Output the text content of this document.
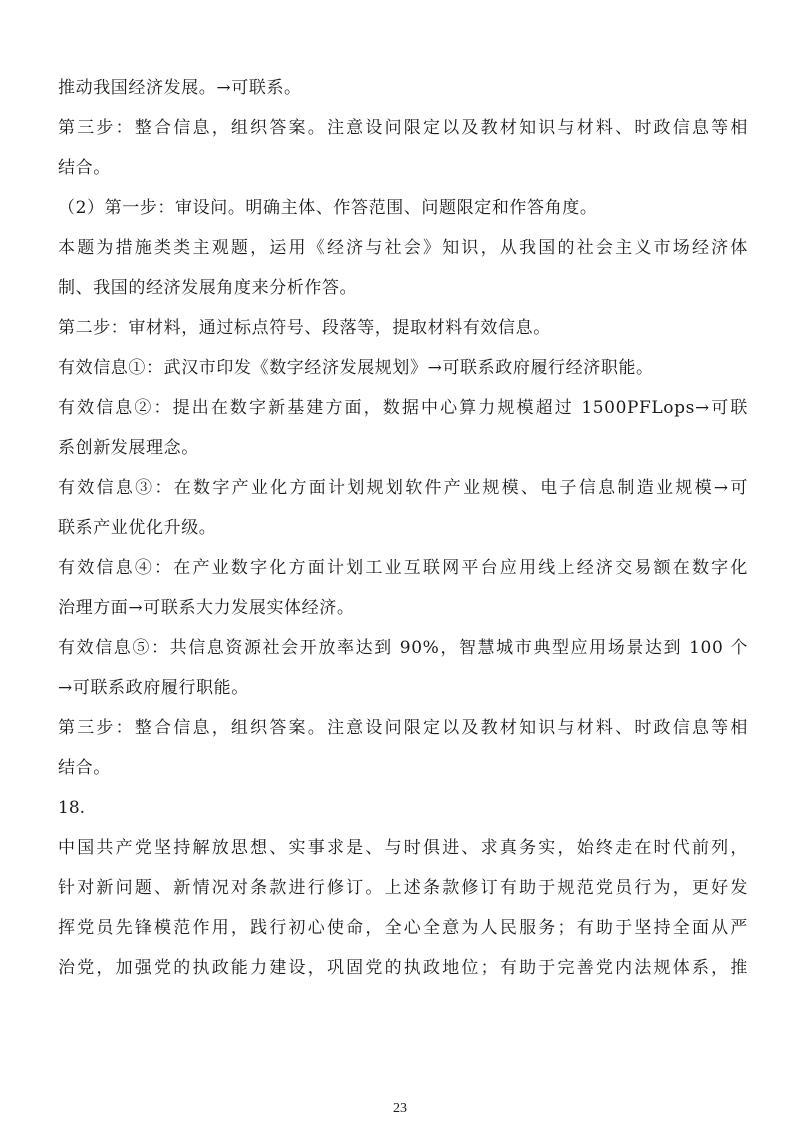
推动我国经济发展。→可联系。
第三步：整合信息，组织答案。注意设问限定以及教材知识与材料、时政信息等相
结合。
（2）第一步：审设问。明确主体、作答范围、问题限定和作答角度。
本题为措施类类主观题，运用《经济与社会》知识，从我国的社会主义市场经济体
制、我国的经济发展角度来分析作答。
第二步：审材料，通过标点符号、段落等，提取材料有效信息。
有效信息①：武汉市印发《数字经济发展规划》→可联系政府履行经济职能。
有效信息②：提出在数字新基建方面，数据中心算力规模超过 1500PFLops→可联
系创新发展理念。
有效信息③：在数字产业化方面计划规划软件产业规模、电子信息制造业规模→可
联系产业优化升级。
有效信息④：在产业数字化方面计划工业互联网平台应用线上经济交易额在数字化
治理方面→可联系大力发展实体经济。
有效信息⑤：共信息资源社会开放率达到 90%，智慧城市典型应用场景达到 100 个
→可联系政府履行职能。
第三步：整合信息，组织答案。注意设问限定以及教材知识与材料、时政信息等相
结合。
18.
中国共产党坚持解放思想、实事求是、与时俱进、求真务实，始终走在时代前列，
针对新问题、新情况对条款进行修订。上述条款修订有助于规范党员行为，更好发
挥党员先锋模范作用，践行初心使命，全心全意为人民服务；有助于坚持全面从严
治党，加强党的执政能力建设，巩固党的执政地位；有助于完善党内法规体系，推
23
